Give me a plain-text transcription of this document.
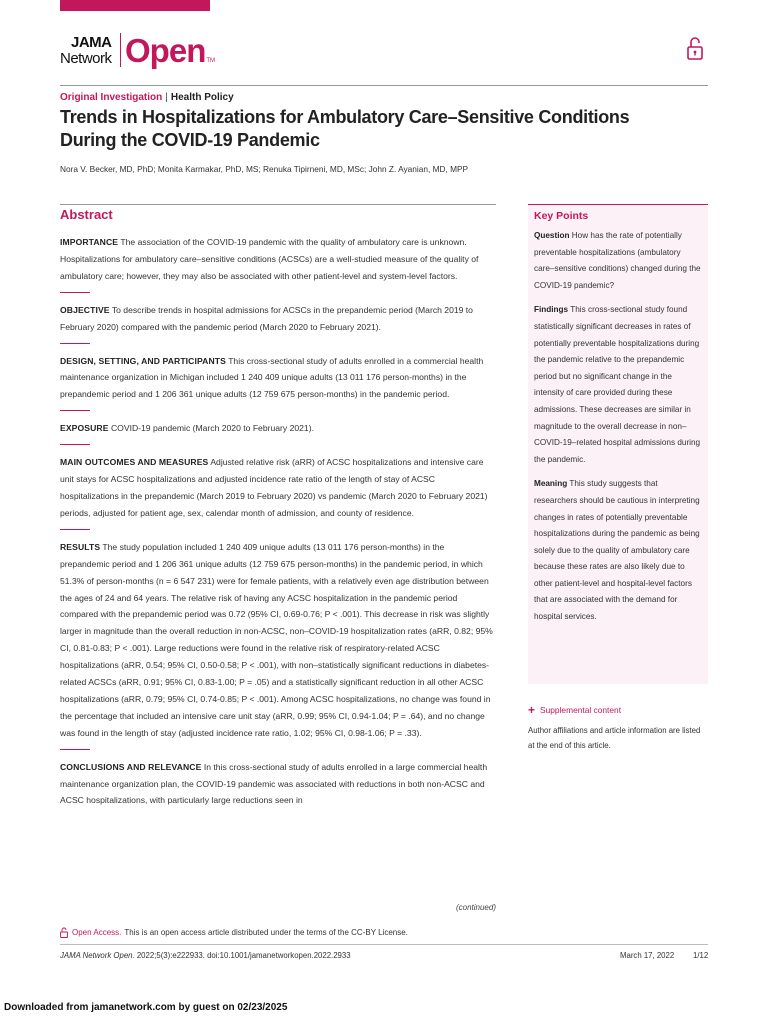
JAMA
Network Open TM
Original Investigation | Health Policy
Trends in Hospitalizations for Ambulatory Care–Sensitive Conditions During the COVID-19 Pandemic
Nora V. Becker, MD, PhD; Monita Karmakar, PhD, MS; Renuka Tipirneni, MD, MSc; John Z. Ayanian, MD, MPP
Abstract

IMPORTANCE The association of the COVID-19 pandemic with the quality of ambulatory care is unknown. Hospitalizations for ambulatory care–sensitive conditions (ACSCs) are a well-studied measure of the quality of ambulatory care; however, they may also be associated with other patient-level and system-level factors.

OBJECTIVE To describe trends in hospital admissions for ACSCs in the prepandemic period (March 2019 to February 2020) compared with the pandemic period (March 2020 to February 2021).

DESIGN, SETTING, AND PARTICIPANTS This cross-sectional study of adults enrolled in a commercial health maintenance organization in Michigan included 1 240 409 unique adults (13 011 176 person-months) in the prepandemic period and 1 206 361 unique adults (12 759 675 person-months) in the pandemic period.

EXPOSURE COVID-19 pandemic (March 2020 to February 2021).

MAIN OUTCOMES AND MEASURES Adjusted relative risk (aRR) of ACSC hospitalizations and intensive care unit stays for ACSC hospitalizations and adjusted incidence rate ratio of the length of stay of ACSC hospitalizations in the prepandemic (March 2019 to February 2020) vs pandemic (March 2020 to February 2021) periods, adjusted for patient age, sex, calendar month of admission, and county of residence.

RESULTS The study population included 1 240 409 unique adults (13 011 176 person-months) in the prepandemic period and 1 206 361 unique adults (12 759 675 person-months) in the pandemic period, in which 51.3% of person-months (n = 6 547 231) were for female patients, with a relatively even age distribution between the ages of 24 and 64 years. The relative risk of having any ACSC hospitalization in the pandemic period compared with the prepandemic period was 0.72 (95% CI, 0.69-0.76; P < .001). This decrease in risk was slightly larger in magnitude than the overall reduction in non-ACSC, non–COVID-19 hospitalization rates (aRR, 0.82; 95% CI, 0.81-0.83; P < .001). Large reductions were found in the relative risk of respiratory-related ACSC hospitalizations (aRR, 0.54; 95% CI, 0.50-0.58; P < .001), with non–statistically significant reductions in diabetes-related ACSCs (aRR, 0.91; 95% CI, 0.83-1.00; P = .05) and a statistically significant reduction in all other ACSC hospitalizations (aRR, 0.79; 95% CI, 0.74-0.85; P < .001). Among ACSC hospitalizations, no change was found in the percentage that included an intensive care unit stay (aRR, 0.99; 95% CI, 0.94-1.04; P = .64), and no change was found in the length of stay (adjusted incidence rate ratio, 1.02; 95% CI, 0.98-1.06; P = .33).

CONCLUSIONS AND RELEVANCE In this cross-sectional study of adults enrolled in a large commercial health maintenance organization plan, the COVID-19 pandemic was associated with reductions in both non-ACSC and ACSC hospitalizations, with particularly large reductions seen in

(continued)
Key Points

Question How has the rate of potentially preventable hospitalizations (ambulatory care–sensitive conditions) changed during the COVID-19 pandemic?

Findings This cross-sectional study found statistically significant decreases in rates of potentially preventable hospitalizations during the pandemic relative to the prepandemic period but no significant change in the intensity of care provided during these admissions. These decreases are similar in magnitude to the overall decrease in non–COVID-19–related hospital admissions during the pandemic.

Meaning This study suggests that researchers should be cautious in interpreting changes in rates of potentially preventable hospitalizations during the pandemic as being solely due to the quality of ambulatory care because these rates are also likely due to other patient-level and hospital-level factors that are associated with the demand for hospital services.

+ Supplemental content
Author affiliations and article information are listed at the end of this article.
Open Access. This is an open access article distributed under the terms of the CC-BY License.
JAMA Network Open. 2022;5(3):e222933. doi:10.1001/jamanetworkopen.2022.2933	March 17, 2022 1/12
Downloaded from jamanetwork.com by guest on 02/23/2025
